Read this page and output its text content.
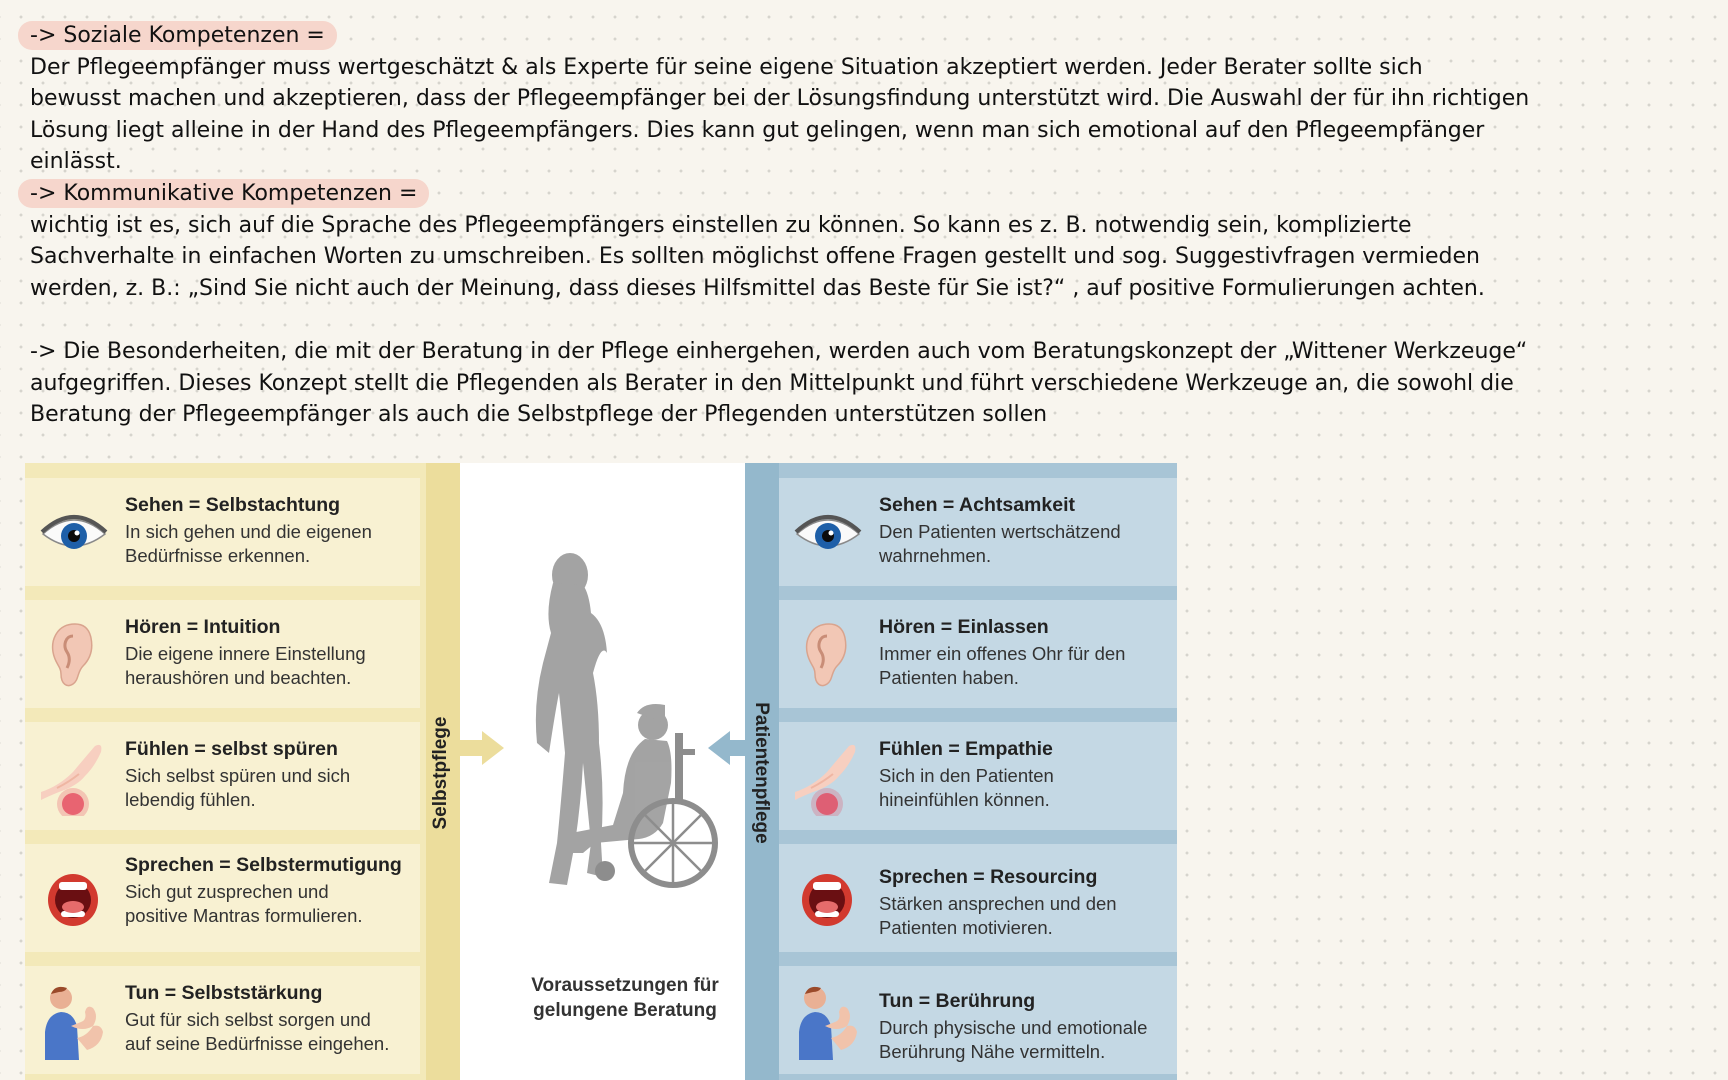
-> Soziale Kompetenzen =

Der Pflegeempfänger muss wertgeschätzt & als Experte für seine eigene Situation akzeptiert werden. Jeder Berater sollte sich

bewusst machen und akzeptieren, dass der Pflegeempfänger bei der Lösungsfindung unterstützt wird. Die Auswahl der für ihn richtigen

Lösung liegt alleine in der Hand des Pflegeempfängers. Dies kann gut gelingen, wenn man sich emotional auf den Pflegeempfänger

einlässt.

-> Kommunikative Kompetenzen =

wichtig ist es, sich auf die Sprache des Pflegeempfängers einstellen zu können. So kann es z. B. notwendig sein, komplizierte

Sachverhalte in einfachen Worten zu umschreiben. Es sollten möglichst offene Fragen gestellt und sog. Suggestivfragen vermieden

werden, z. B.: „Sind Sie nicht auch der Meinung, dass dieses Hilfsmittel das Beste für Sie ist?“ , auf positive Formulierungen achten.

-> Die Besonderheiten, die mit der Beratung in der Pflege einhergehen, werden auch vom Beratungskonzept der „Wittener Werkzeuge“

aufgegriffen. Dieses Konzept stellt die Pflegenden als Berater in den Mittelpunkt und führt verschiedene Werkzeuge an, die sowohl die

Beratung der Pflegeempfänger als auch die Selbstpflege der Pflegenden unterstützen sollen

Sehen = Selbstachtung
In sich gehen und die eigenen
Bedürfnisse erkennen.
Hören = Intuition
Die eigene innere Einstellung
heraushören und beachten.
Fühlen = selbst spüren
Sich selbst spüren und sich
lebendig fühlen.
Sprechen = Selbstermutigung
Sich gut zusprechen und
positive Mantras formulieren.
Tun = Selbststärkung
Gut für sich selbst sorgen und
auf seine Bedürfnisse eingehen.
Sehen = Achtsamkeit
Den Patienten wertschätzend
wahrnehmen.
Hören = Einlassen
Immer ein offenes Ohr für den
Patienten haben.
Fühlen = Empathie
Sich in den Patienten
hineinfühlen können.
Sprechen = Resourcing
Stärken ansprechen und den
Patienten motivieren.
Tun = Berührung
Durch physische und emotionale
Berührung Nähe vermitteln.
Selbstpflege	Patientenpflege
Voraussetzungen für
gelungene Beratung
